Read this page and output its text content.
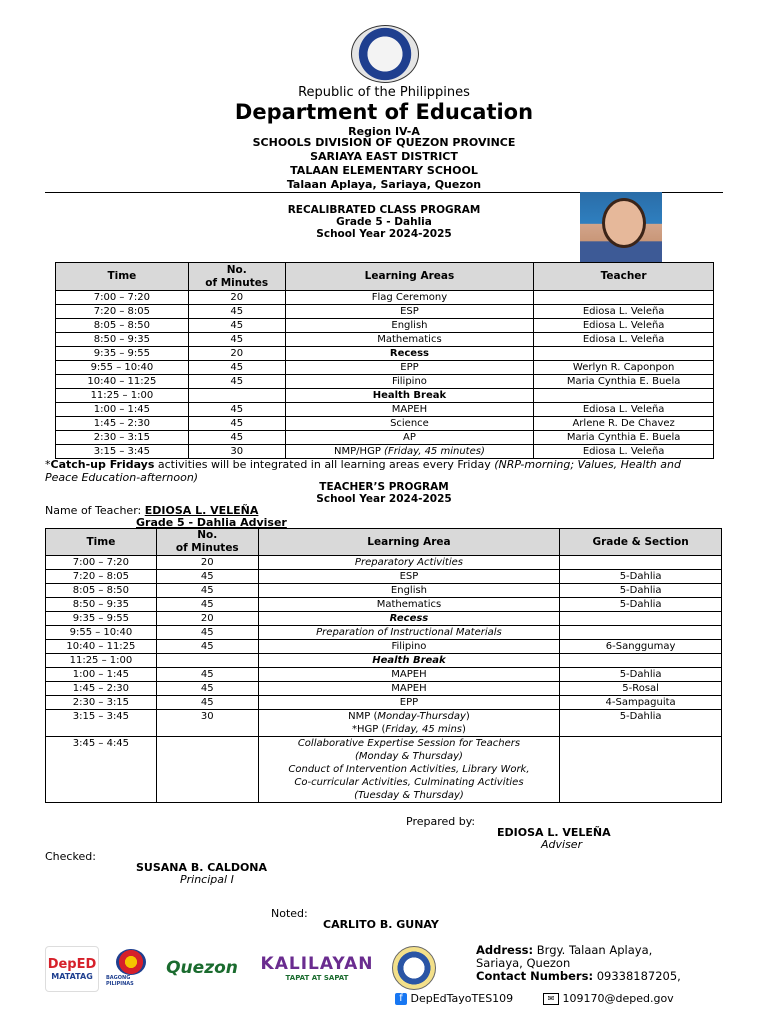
Republic of the Philippines
Department of Education
Region IV-A
SCHOOLS DIVISION OF QUEZON PROVINCE
SARIAYA EAST DISTRICT
TALAAN ELEMENTARY SCHOOL
Talaan Aplaya, Sariaya, Quezon
RECALIBRATED CLASS PROGRAM
Grade 5 - Dahlia
School Year 2024-2025
Time	No.
of Minutes	Learning Areas	Teacher
7:00 – 7:20	20	Flag Ceremony	
7:20 – 8:05	45	ESP	Ediosa L. Veleña
8:05 – 8:50	45	English	Ediosa L. Veleña
8:50 – 9:35	45	Mathematics	Ediosa L. Veleña
9:35 – 9:55	20	Recess	
9:55 – 10:40	45	EPP	Werlyn R. Caponpon
10:40 – 11:25	45	Filipino	Maria Cynthia E. Buela
11:25 – 1:00		Health Break	
1:00 – 1:45	45	MAPEH	Ediosa L. Veleña
1:45 – 2:30	45	Science	Arlene R. De Chavez
2:30 – 3:15	45	AP	Maria Cynthia E. Buela
3:15 – 3:45	30	NMP/HGP (Friday, 45 minutes)	Ediosa L. Veleña
*Catch-up Fridays activities will be integrated in all learning areas every Friday (NRP-morning; Values, Health and Peace Education-afternoon)
TEACHER’S PROGRAM
School Year 2024-2025
Name of Teacher: EDIOSA L. VELEÑA
Grade 5 - Dahlia Adviser
Time	No.
of Minutes	Learning Area	Grade & Section
7:00 – 7:20	20	Preparatory Activities	
7:20 – 8:05	45	ESP	5-Dahlia
8:05 – 8:50	45	English	5-Dahlia
8:50 – 9:35	45	Mathematics	5-Dahlia
9:35 – 9:55	20	Recess	
9:55 – 10:40	45	Preparation of Instructional Materials	
10:40 – 11:25	45	Filipino	6-Sanggumay
11:25 – 1:00		Health Break	
1:00 – 1:45	45	MAPEH	5-Dahlia
1:45 – 2:30	45	MAPEH	5-Rosal
2:30 – 3:15	45	EPP	4-Sampaguita
3:15 – 3:45	30	NMP (Monday-Thursday)
*HGP (Friday, 45 mins)	5-Dahlia
3:45 – 4:45		Collaborative Expertise Session for Teachers
(Monday & Thursday)
Conduct of Intervention Activities, Library Work,
Co-curricular Activities, Culminating Activities
(Tuesday & Thursday)	
Prepared by:
EDIOSA L. VELEÑA
Adviser
Checked:
SUSANA B. CALDONA
Principal I
Noted:
CARLITO B. GUNAY
DepED
MATATAG	BAGONG PILIPINAS
Quezon KALILAYAN
TAPAT AT SAPAT
Address: Brgy. Talaan Aplaya,
Sariaya, Quezon
Contact Numbers: 09338187205,
f DepEdTayoTES109	✉ 109170@deped.gov
